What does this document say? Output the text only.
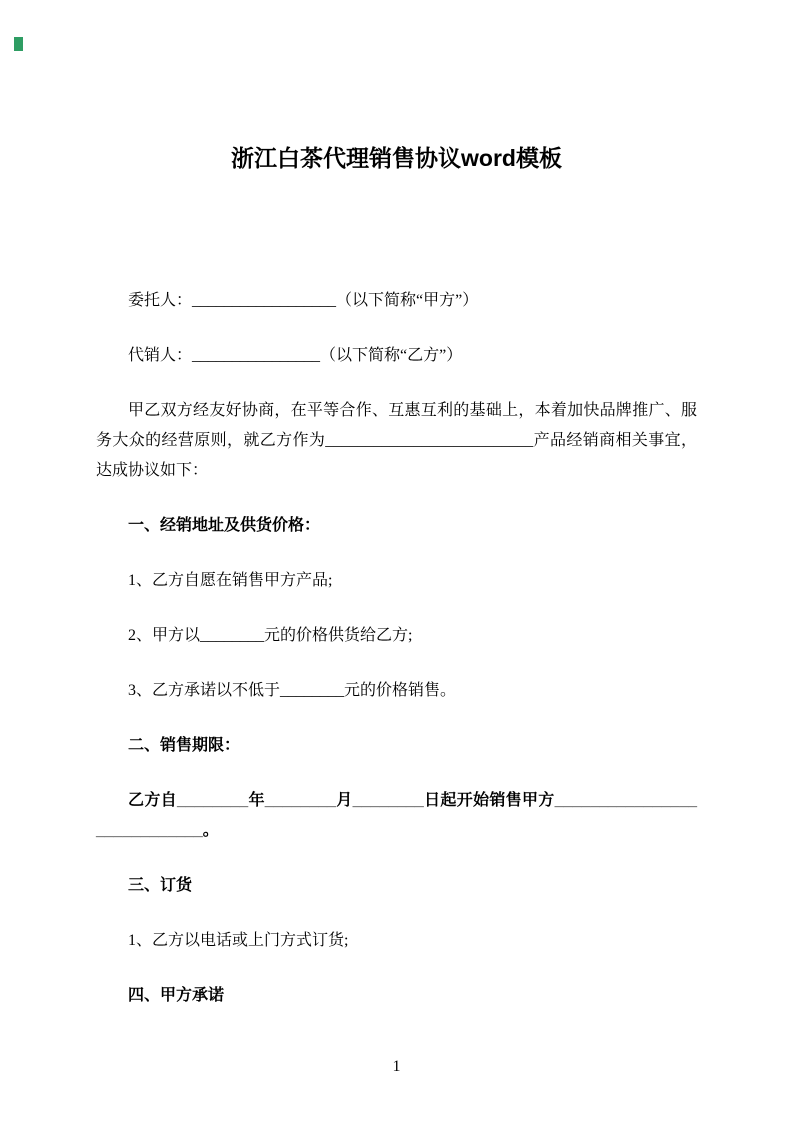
浙江白茶代理销售协议word模板

委托人：__________________（以下简称“甲方”）

代销人：________________（以下简称“乙方”）

甲乙双方经友好协商，在平等合作、互惠互利的基础上，本着加快品牌推广、服务大众的经营原则，就乙方作为__________________________产品经销商相关事宜，达成协议如下：

一、经销地址及供货价格：

1、乙方自愿在销售甲方产品;

2、甲方以________元的价格供货给乙方;

3、乙方承诺以不低于________元的价格销售。

二、销售期限：

乙方自________年________月________日起开始销售甲方____________________________。

三、订货

1、乙方以电话或上门方式订货;

四、甲方承诺

1
